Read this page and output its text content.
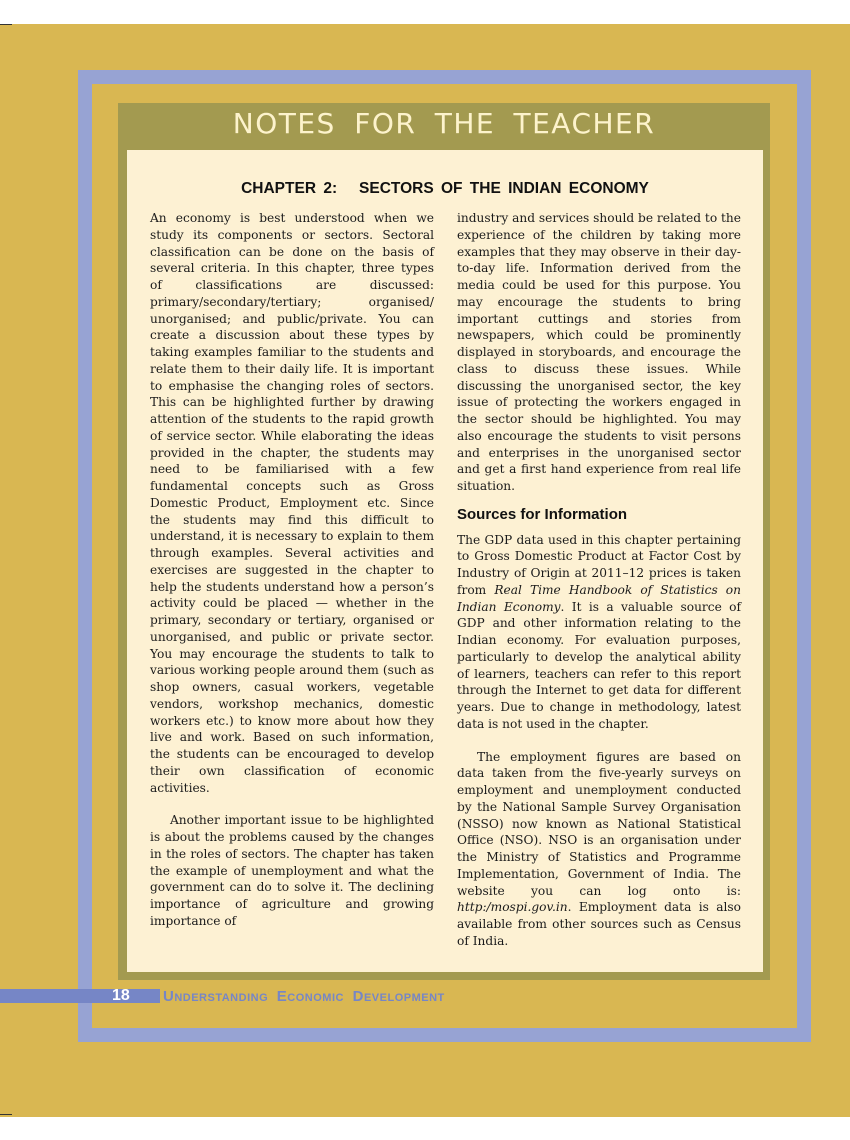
NOTES FOR THE TEACHER
CHAPTER 2:   SECTORS OF THE INDIAN ECONOMY

An economy is best understood when we study its components or sectors. Sectoral classification can be done on the basis of several criteria. In this chapter, three types of classifications are discussed: primary/secondary/tertiary; organised/ unorganised; and public/private. You can create a discussion about these types by taking examples familiar to the students and relate them to their daily life. It is important to emphasise the changing roles of sectors. This can be highlighted further by drawing attention of the students to the rapid growth of service sector. While elaborating the ideas provided in the chapter, the students may need to be familiarised with a few fundamental concepts such as Gross Domestic Product, Employment etc. Since the students may find this difficult to understand, it is necessary to explain to them through examples. Several activities and exercises are suggested in the chapter to help the students understand how a person’s activity could be placed — whether in the primary, secondary or tertiary, organised or unorganised, and public or private sector. You may encourage the students to talk to various working people around them (such as shop owners, casual workers, vegetable vendors, workshop mechanics, domestic workers etc.) to know more about how they live and work. Based on such information, the students can be encouraged to develop their own classification of economic activities.

Another important issue to be highlighted is about the problems caused by the changes in the roles of sectors. The chapter has taken the example of unemployment and what the government can do to solve it. The declining importance of agriculture and growing importance of

industry and services should be related to the experience of the children by taking more examples that they may observe in their day-to-day life. Information derived from the media could be used for this purpose. You may encourage the students to bring important cuttings and stories from newspapers, which could be prominently displayed in storyboards, and encourage the class to discuss these issues. While discussing the unorganised sector, the key issue of protecting the workers engaged in the sector should be highlighted. You may also encourage the students to visit persons and enterprises in the unorganised sector and get a first hand experience from real life situation.

Sources for Information

The GDP data used in this chapter pertaining to Gross Domestic Product at Factor Cost by Industry of Origin at 2011–12 prices is taken from Real Time Handbook of Statistics on Indian Economy. It is a valuable source of GDP and other information relating to the Indian economy. For evaluation purposes, particularly to develop the analytical ability of learners, teachers can refer to this report through the Internet to get data for different years. Due to change in methodology, latest data is not used in the chapter.

The employment figures are based on data taken from the five-yearly surveys on employment and unemployment conducted by the National Sample Survey Organisation (NSSO) now known as National Statistical Office (NSO). NSO is an organisation under the Ministry of Statistics and Programme Implementation, Government of India. The website you can log onto is: http:/mospi.gov.in. Employment data is also available from other sources such as Census of India.

18 Understanding Economic Development
